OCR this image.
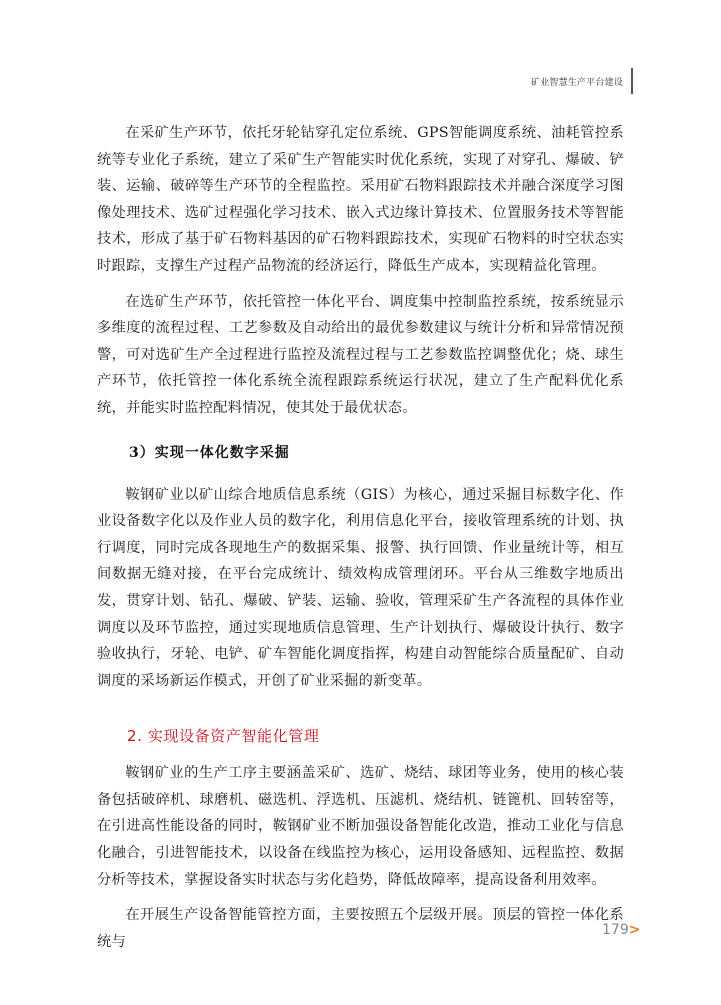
矿业智慧生产平台建设

在采矿生产环节，依托牙轮钻穿孔定位系统、GPS智能调度系统、油耗管控系统等专业化子系统，建立了采矿生产智能实时优化系统，实现了对穿孔、爆破、铲装、运输、破碎等生产环节的全程监控。采用矿石物料跟踪技术并融合深度学习图像处理技术、选矿过程强化学习技术、嵌入式边缘计算技术、位置服务技术等智能技术，形成了基于矿石物料基因的矿石物料跟踪技术，实现矿石物料的时空状态实时跟踪，支撑生产过程产品物流的经济运行，降低生产成本，实现精益化管理。

在选矿生产环节，依托管控一体化平台、调度集中控制监控系统，按系统显示多维度的流程过程、工艺参数及自动给出的最优参数建议与统计分析和异常情况预警，可对选矿生产全过程进行监控及流程过程与工艺参数监控调整优化；烧、球生产环节，依托管控一体化系统全流程跟踪系统运行状况，建立了生产配料优化系统，并能实时监控配料情况，使其处于最优状态。

3）实现一体化数字采掘

鞍钢矿业以矿山综合地质信息系统（GIS）为核心，通过采掘目标数字化、作业设备数字化以及作业人员的数字化，利用信息化平台，接收管理系统的计划、执行调度，同时完成各现地生产的数据采集、报警、执行回馈、作业量统计等，相互间数据无缝对接，在平台完成统计、绩效构成管理闭环。平台从三维数字地质出发，贯穿计划、钻孔、爆破、铲装、运输、验收，管理采矿生产各流程的具体作业调度以及环节监控，通过实现地质信息管理、生产计划执行、爆破设计执行、数字验收执行，牙轮、电铲、矿车智能化调度指挥，构建自动智能综合质量配矿、自动调度的采场新运作模式，开创了矿业采掘的新变革。

2. 实现设备资产智能化管理

鞍钢矿业的生产工序主要涵盖采矿、选矿、烧结、球团等业务，使用的核心装备包括破碎机、球磨机、磁选机、浮选机、压滤机、烧结机、链篦机、回转窑等，在引进高性能设备的同时，鞍钢矿业不断加强设备智能化改造，推动工业化与信息化融合，引进智能技术，以设备在线监控为核心，运用设备感知、远程监控、数据分析等技术，掌握设备实时状态与劣化趋势，降低故障率，提高设备利用效率。

在开展生产设备智能管控方面，主要按照五个层级开展。顶层的管控一体化系统与

179>
